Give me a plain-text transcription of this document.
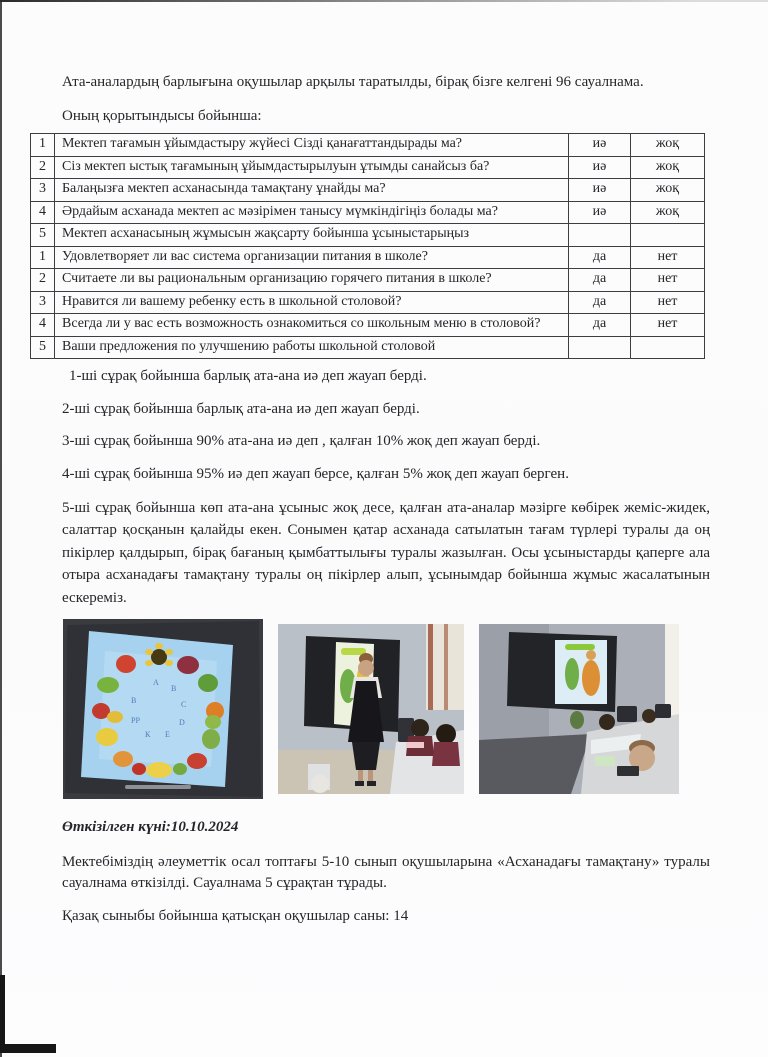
Ата-аналардың барлығына оқушылар арқылы таратылды, бірақ бізге келгені 96 сауалнама.

Оның қорытындысы бойынша:

1	Мектеп тағамын ұйымдастыру жүйесі Сізді қанағаттандырады ма?	иә	жоқ
2	Сіз мектеп ыстық тағамының ұйымдастырылуын ұтымды санайсыз ба?	иә	жоқ
3	Балаңызға мектеп асханасында тамақтану ұнайды ма?	иә	жоқ
4	Әрдайым асханада мектеп ас мәзірімен танысу мүмкіндігіңіз болады ма?	иә	жоқ
5	Мектеп асханасының жұмысын жақсарту бойынша ұсыныстарыңыз		
1	Удовлетворяет ли вас система организации питания в школе?	да	нет
2	Считаете ли вы рациональным организацию горячего питания в школе?	да	нет
3	Нравится ли вашему ребенку есть в школьной столовой?	да	нет
4	Всегда ли у вас есть возможность ознакомиться со школьным меню в столовой?	да	нет
5	Ваши предложения по улучшению работы школьной столовой		

1-ші сұрақ бойынша барлық ата-ана иә деп жауап берді.

2-ші сұрақ бойынша барлық ата-ана иә деп жауап берді.

3-ші сұрақ бойынша 90% ата-ана иә деп , қалған 10% жоқ деп жауап берді.

4-ші сұрақ бойынша 95% иә деп жауап берсе, қалған 5% жоқ деп жауап берген.

5-ші сұрақ бойынша көп ата-ана ұсыныс жоқ десе, қалған ата-аналар мәзірге көбірек жеміс-жидек, салаттар қосқанын қалайды екен. Сонымен қатар асханада сатылатын тағам түрлері туралы да оң пікірлер қалдырып, бірақ бағаның қымбаттылығы туралы жазылған. Осы ұсыныстарды қаперге ала отыра асханадағы тамақтану туралы оң пікірлер алып, ұсынымдар бойынша жұмыс жасалатынын ескереміз.

А
В
С
D
Е
К
РР
В

Өткізілген күні:10.10.2024

Мектебіміздің әлеуметтік осал топтағы 5-10 сынып оқушыларына «Асханадағы тамақтану» туралы сауалнама өткізілді. Сауалнама 5 сұрақтан тұрады.

Қазақ сыныбы бойынша қатысқан оқушылар саны: 14
